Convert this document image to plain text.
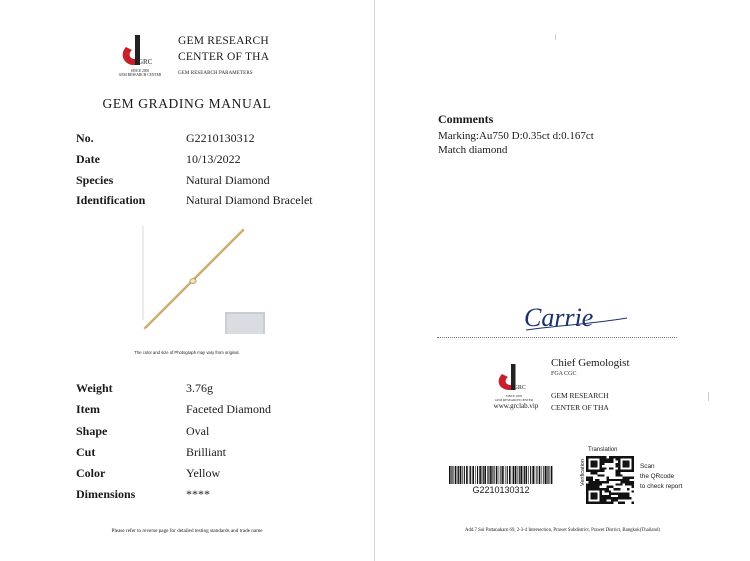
GRC
SINCE 2005
GEM RESEARCH CENTER
GEM RESEARCH
CENTER OF THA
GEM RESEARCH PARAMETERS
GEM GRADING MANUAL
No.	G2210130312
Date	10/13/2022
Species	Natural Diamond
Identification	Natural Diamond Bracelet
The color and size of Photograph may vary from original.
Weight	3.76g
Item	Faceted Diamond
Shape	Oval
Cut	Brilliant
Color	Yellow
Dimensions	****
Please refer to reverse page for detailed testing standards and trade name
Comments
Marking:Au750 D:0.35ct d:0.167ct
Match diamond
Carrie
GRC
SINCE 2005
GEM RESEARCH CENTER
www.grclab.vip
Chief Gemologist
FGA CGC
GEM RESEARCH
CENTER OF THA
G2210130312
Translation
Verification	Scan
the QRcode
to check report
Add.7 Soi Pattanakarn 69, 2-3-4 Intersection, Prawet Subdistrict, Prawet District, Bangkok(Thailand)
